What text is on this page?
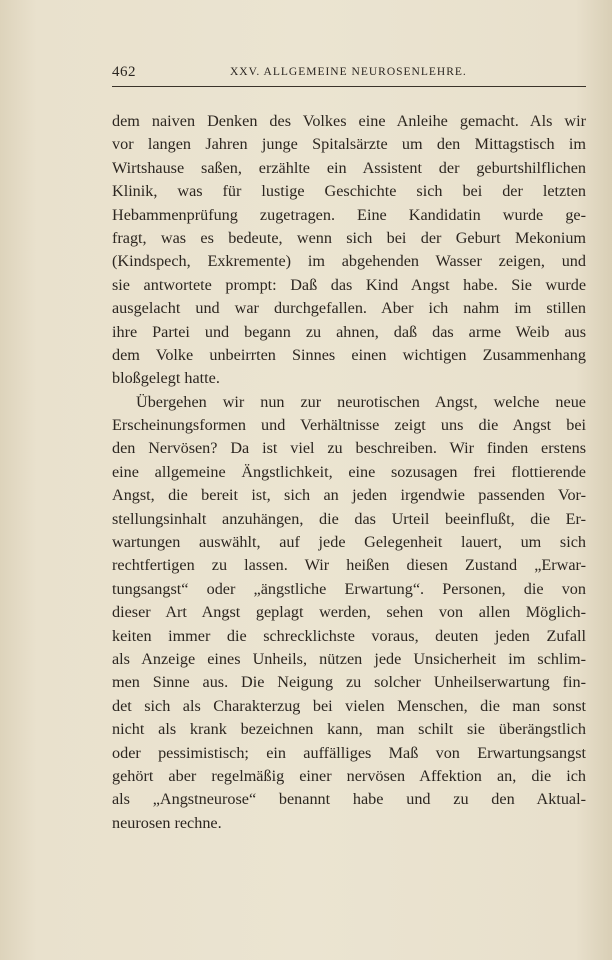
462	XXV. ALLGEMEINE NEUROSENLEHRE.
dem naiven Denken des Volkes eine Anleihe gemacht. Als wir
vor langen Jahren junge Spitalsärzte um den Mittagstisch im
Wirtshause saßen, erzählte ein Assistent der geburtshilflichen
Klinik, was für lustige Geschichte sich bei der letzten
Hebammenprüfung zugetragen. Eine Kandidatin wurde ge-
fragt, was es bedeute, wenn sich bei der Geburt Mekonium
(Kindspech, Exkremente) im abgehenden Wasser zeigen, und
sie antwortete prompt: Daß das Kind Angst habe. Sie wurde
ausgelacht und war durchgefallen. Aber ich nahm im stillen
ihre Partei und begann zu ahnen, daß das arme Weib aus
dem Volke unbeirrten Sinnes einen wichtigen Zusammenhang
bloßgelegt hatte.
Übergehen wir nun zur neurotischen Angst, welche neue
Erscheinungsformen und Verhältnisse zeigt uns die Angst bei
den Nervösen? Da ist viel zu beschreiben. Wir finden erstens
eine allgemeine Ängstlichkeit, eine sozusagen frei flottierende
Angst, die bereit ist, sich an jeden irgendwie passenden Vor-
stellungsinhalt anzuhängen, die das Urteil beeinflußt, die Er-
wartungen auswählt, auf jede Gelegenheit lauert, um sich
rechtfertigen zu lassen. Wir heißen diesen Zustand „Erwar-
tungsangst“ oder „ängstliche Erwartung“. Personen, die von
dieser Art Angst geplagt werden, sehen von allen Möglich-
keiten immer die schrecklichste voraus, deuten jeden Zufall
als Anzeige eines Unheils, nützen jede Unsicherheit im schlim-
men Sinne aus. Die Neigung zu solcher Unheilserwartung fin-
det sich als Charakterzug bei vielen Menschen, die man sonst
nicht als krank bezeichnen kann, man schilt sie überängstlich
oder pessimistisch; ein auffälliges Maß von Erwartungsangst
gehört aber regelmäßig einer nervösen Affektion an, die ich
als „Angstneurose“ benannt habe und zu den Aktual-
neurosen rechne.
